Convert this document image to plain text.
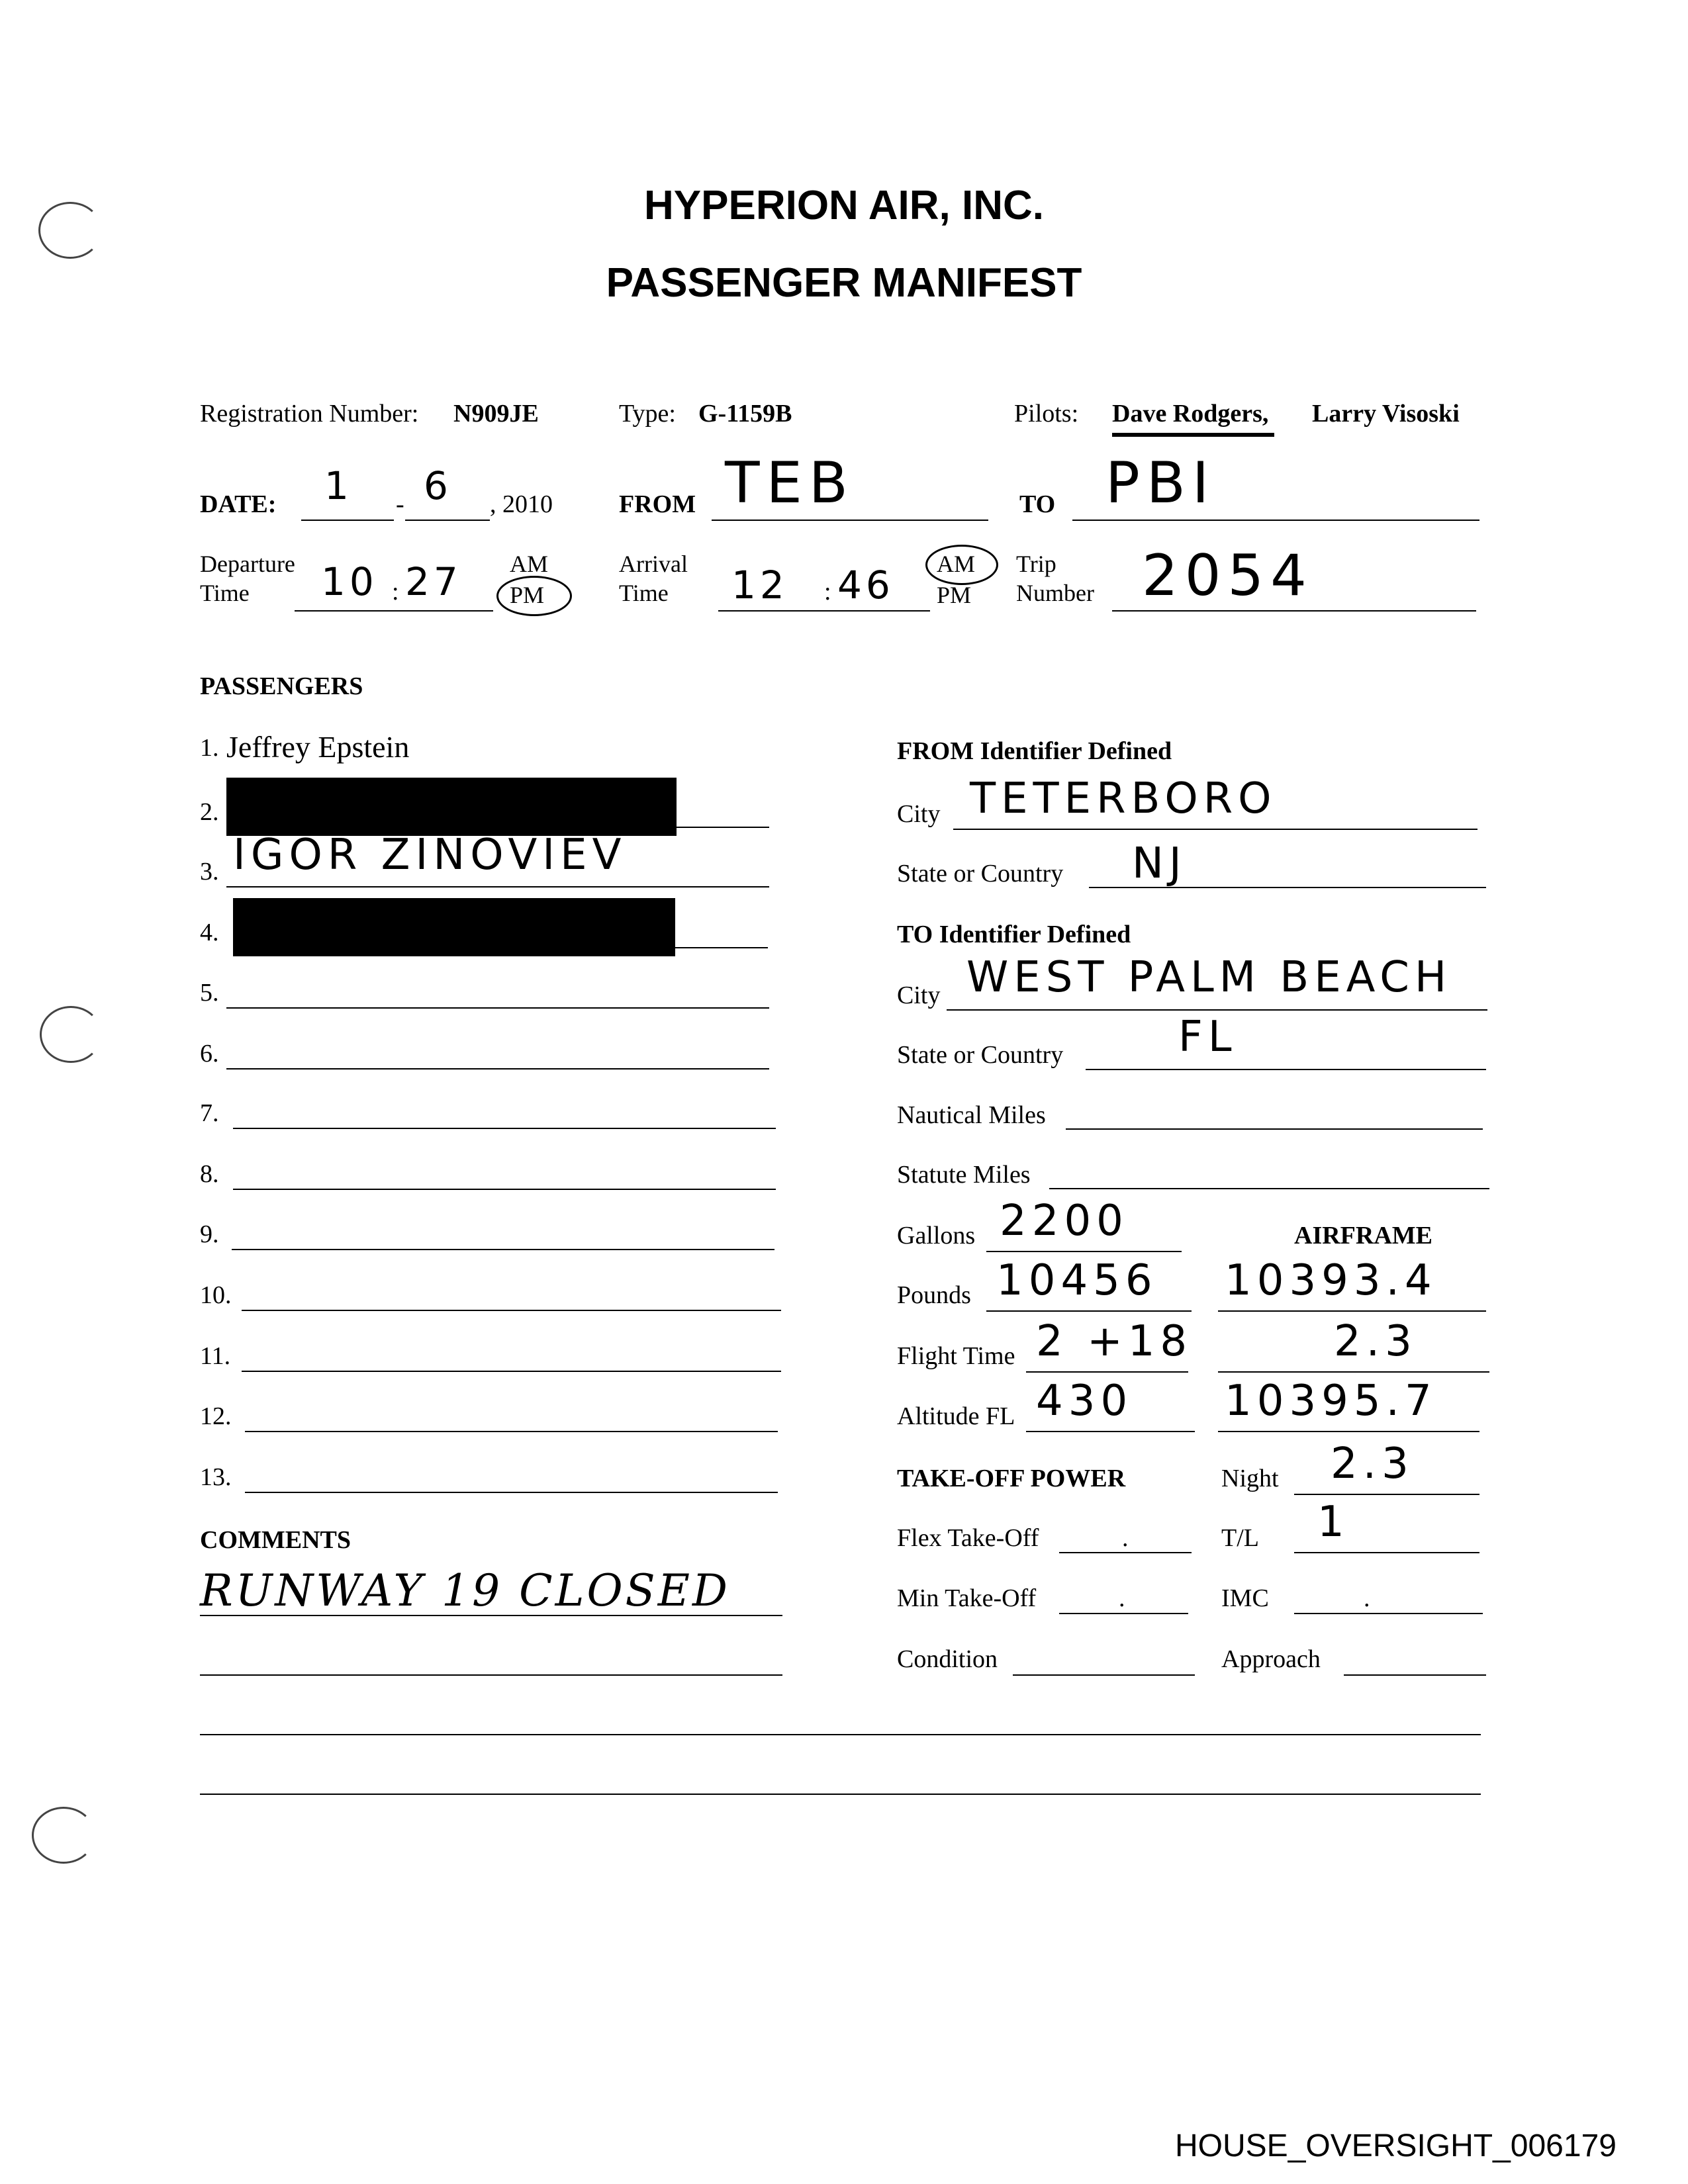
HYPERION AIR, INC.
PASSENGER MANIFEST
Registration Number: N909JE	Type: G-1159B	Pilots: Dave Rodgers, Larry Visoski
DATE: 1 - 6 , 2010	FROM TEB	TO PBI
Departure
Time	10 : 27 AM
PM
Arrival
Time	12 : 46 AM
PM
Trip
Number 2054
PASSENGERS
1. Jeffrey Epstein
2.
3. IGOR ZINOVIEV
4.
5.
6.
7.
8.
9.
10.
11.
12.
13.
COMMENTS
RUNWAY 19 CLOSED
FROM Identifier Defined
City TETERBORO
State or Country NJ
TO Identifier Defined
City WEST PALM BEACH
State or Country	FL
Nautical Miles
Statute Miles
Gallons 2200	AIRFRAME
Pounds 10456 10393.4
Flight Time 2 +18	2.3
Altitude FL 430 10395.7
TAKE-OFF POWER	Night 2.3
Flex Take-Off	.	T/L 1
Min Take-Off	.	IMC	.
Condition	Approach
HOUSE_OVERSIGHT_006179
